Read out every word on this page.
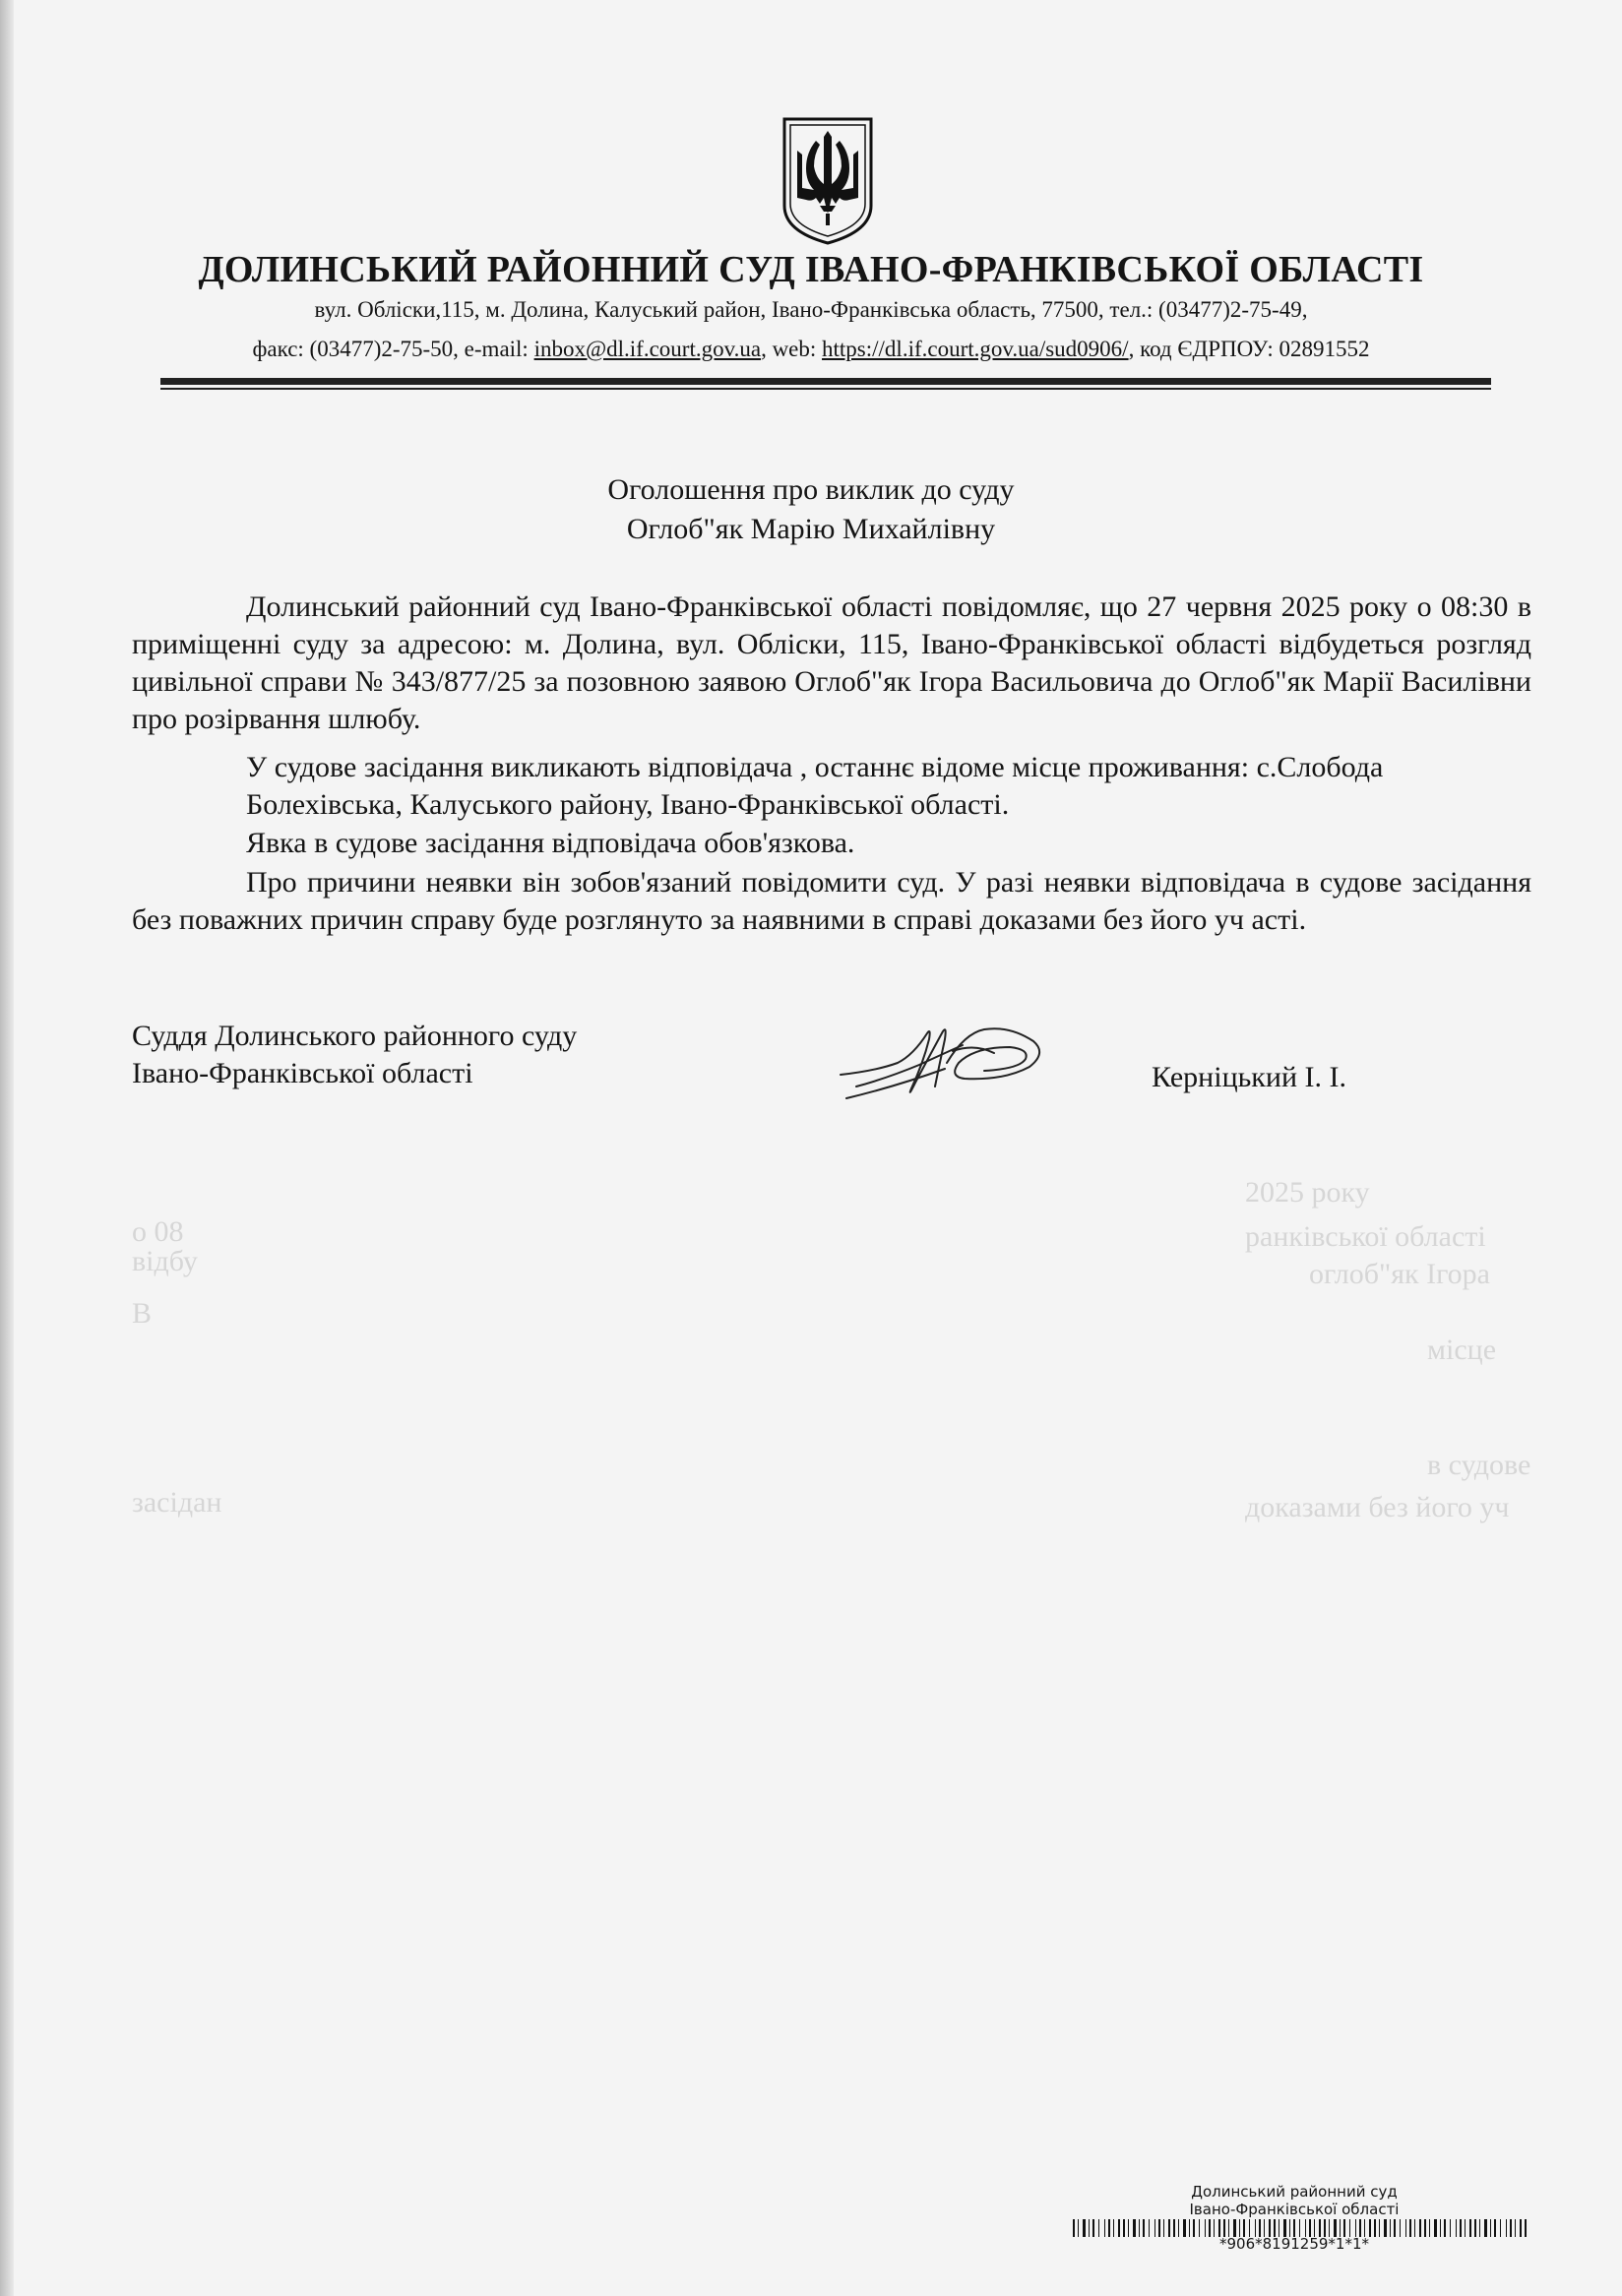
2025 року
о 08	ранківської області
відбу	оглоб"як Ігора
В
місце
в судове
засідан	доказами без його уч
ДОЛИНСЬКИЙ РАЙОННИЙ СУД ІВАНО-ФРАНКІВСЬКОЇ ОБЛАСТІ
вул. Обліски,115, м. Долина, Калуський район, Івано-Франківська область, 77500, тел.: (03477)2-75-49,
факс: (03477)2-75-50, e-mail: inbox@dl.if.court.gov.ua, web: https://dl.if.court.gov.ua/sud0906/, код ЄДРПОУ: 02891552
Оголошення про виклик до суду
Оглоб"як Марію Михайлівну

Долинський районний суд Івано-Франківської області повідомляє, що 27 червня 2025 року о 08:30 в приміщенні суду за адресою: м. Долина, вул. Обліски, 115, Івано-Франківської області відбудеться розгляд цивільної справи № 343/877/25 за позовною заявою Оглоб"як Ігора Васильовича до Оглоб"як Марії Василівни про розірвання шлюбу.

У судове засідання викликають відповідача , останнє відоме місце проживання: с.Слобода
Болехівська, Калуського району, Івано-Франківської області.
Явка в судове засідання відповідача обов'язкова.

Про причини неявки він зобов'язаний повідомити суд. У разі неявки відповідача в судове засідання без поважних причин справу буде розглянуто за наявними в справі доказами без його уч асті.

Суддя Долинського районного суду
Івано-Франківської області	Керніцький І. І.
Долинський районний суд
Івано-Франківської області
*906*8191259*1*1*
